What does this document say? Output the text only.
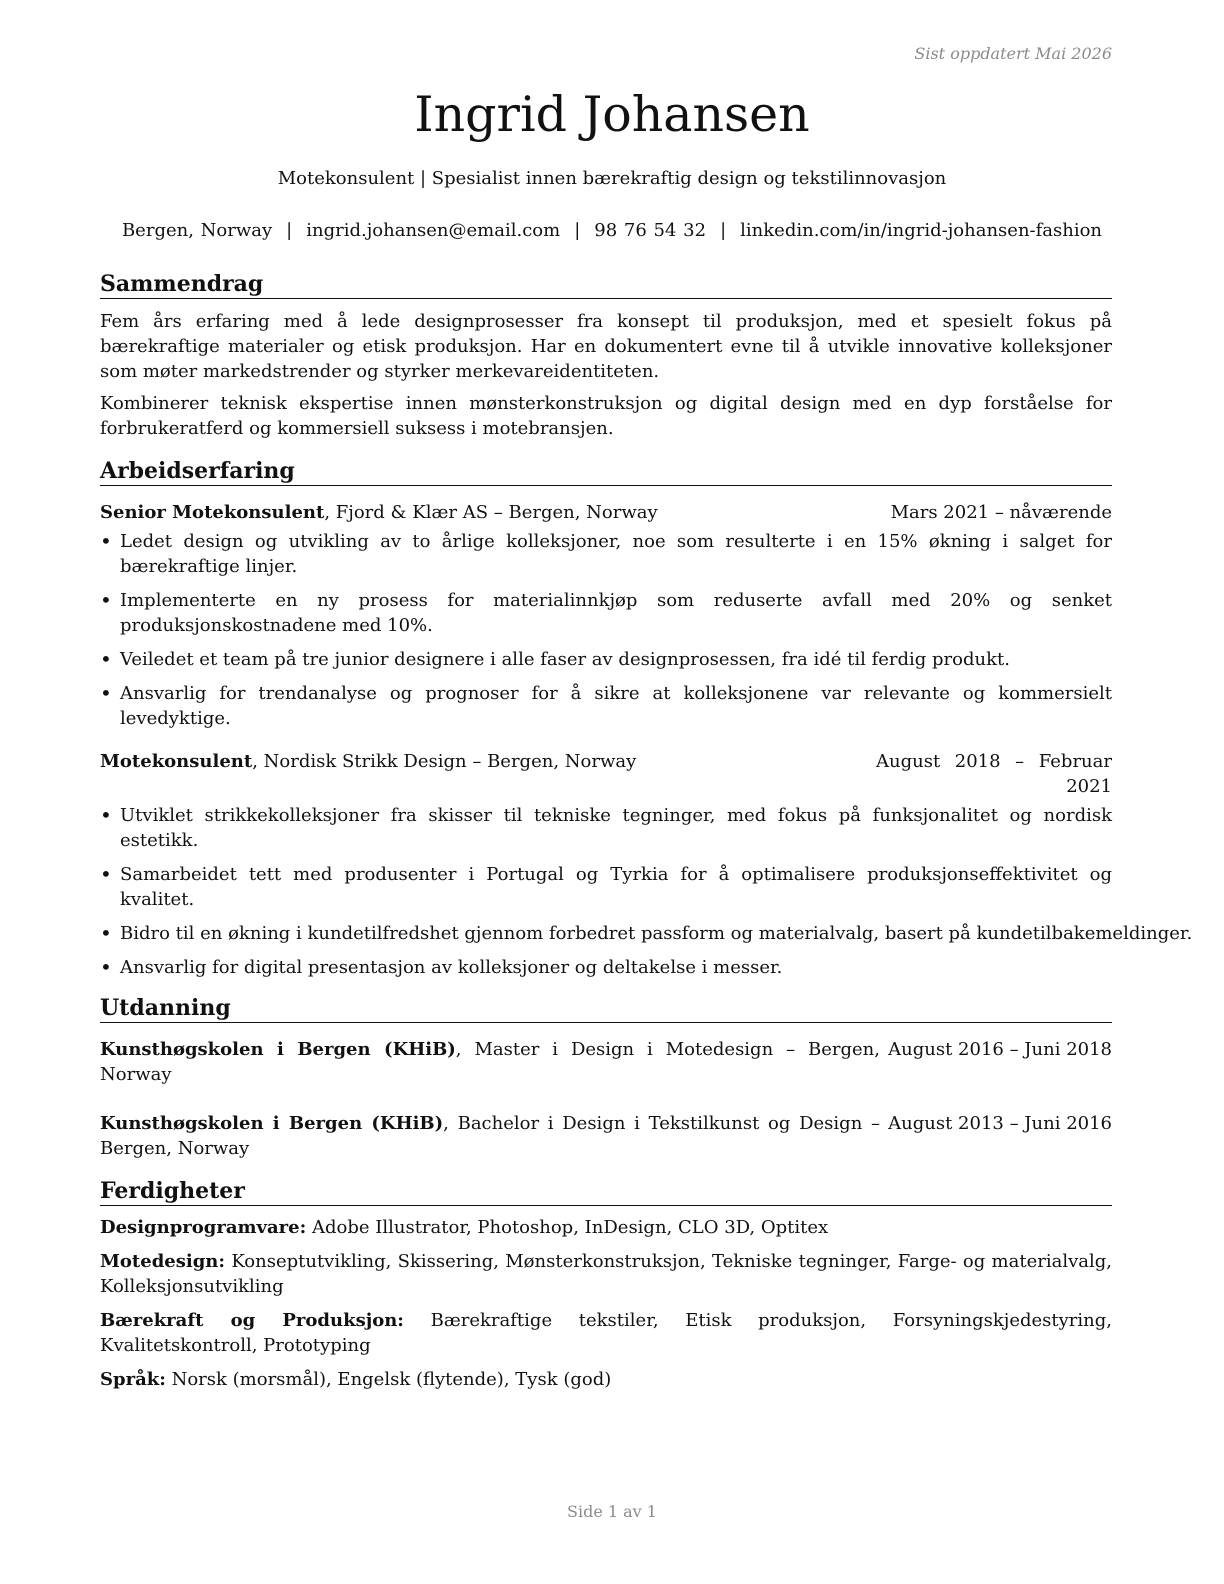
Sist oppdatert Mai 2026
Ingrid Johansen
Motekonsulent | Spesialist innen bærekraftig design og tekstilinnovasjon
Bergen, Norway | ingrid.johansen@email.com | 98 76 54 32 | linkedin.com/in/ingrid-johansen-fashion
Sammendrag

Fem års erfaring med å lede designprosesser fra konsept til produksjon, med et spesielt fokus på bærekraftige materialer og etisk produksjon. Har en dokumentert evne til å utvikle innovative kolleksjoner som møter markedstrender og styrker merkevareidentiteten.

Kombinerer teknisk ekspertise innen mønsterkonstruksjon og digital design med en dyp forståelse for forbrukeratferd og kommersiell suksess i motebransjen.

Arbeidserfaring
Senior Motekonsulent, Fjord & Klær AS – Bergen, Norway	Mars 2021 – nåværende
• Ledet design og utvikling av to årlige kolleksjoner, noe som resulterte i en 15% økning i salget for bærekraftige linjer.
• Implementerte en ny prosess for materialinnkjøp som reduserte avfall med 20% og senket produksjonskostnadene med 10%.
• Veiledet et team på tre junior designere i alle faser av designprosessen, fra idé til ferdig produkt.
• Ansvarlig for trendanalyse og prognoser for å sikre at kolleksjonene var relevante og kommersielt levedyktige.
Motekonsulent, Nordisk Strikk Design – Bergen, Norway	August 2018 – Februar 2021
• Utviklet strikkekolleksjoner fra skisser til tekniske tegninger, med fokus på funksjonalitet og nordisk estetikk.
• Samarbeidet tett med produsenter i Portugal og Tyrkia for å optimalisere produksjonseffektivitet og kvalitet.
• Bidro til en økning i kundetilfredshet gjennom forbedret passform og materialvalg, basert på kundetilbakemeldinger.
• Ansvarlig for digital presentasjon av kolleksjoner og deltakelse i messer.
Utdanning
Kunsthøgskolen i Bergen (KHiB), Master i Design i Motedesign – Bergen, Norway
August 2016 – Juni 2018
Kunsthøgskolen i Bergen (KHiB), Bachelor i Design i Tekstilkunst og Design – Bergen, Norway
August 2013 – Juni 2016
Ferdigheter

Designprogramvare: Adobe Illustrator, Photoshop, InDesign, CLO 3D, Optitex

Motedesign: Konseptutvikling, Skissering, Mønsterkonstruksjon, Tekniske tegninger, Farge- og materialvalg, Kolleksjonsutvikling

Bærekraft og Produksjon: Bærekraftige tekstiler, Etisk produksjon, Forsyningskjedestyring, Kvalitetskontroll, Prototyping

Språk: Norsk (morsmål), Engelsk (flytende), Tysk (god)

Side 1 av 1
